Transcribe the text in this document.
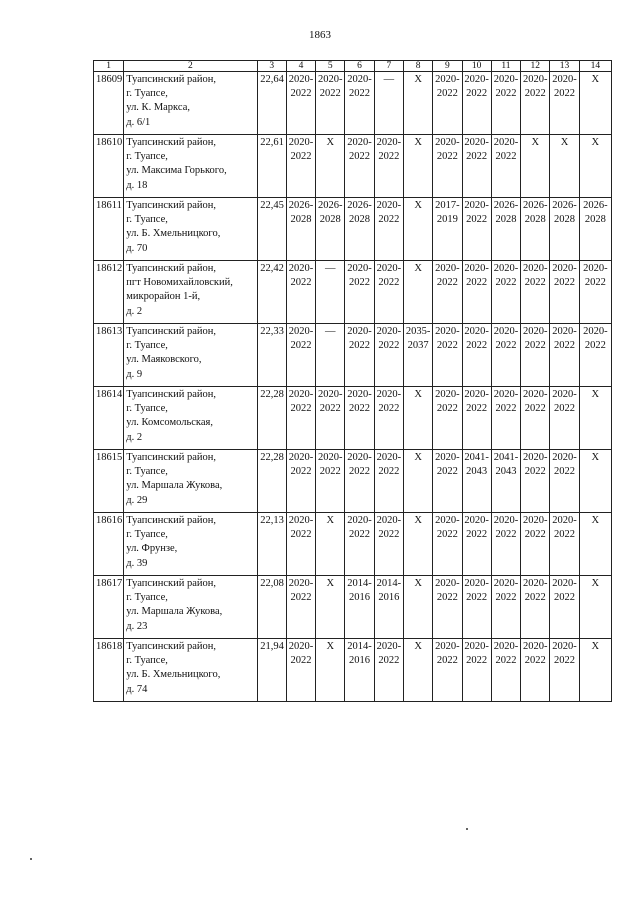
1863
1	2	3	4	5	6	7	8	9	10	11	12	13	14
18609	Туапсинский район,
г. Туапсе,
ул. К. Маркса,
д. 6/1	22,64	2020-
2022	2020-
2022	2020-
2022	—	Х	2020-
2022	2020-
2022	2020-
2022	2020-
2022	2020-
2022	Х

18610	Туапсинский район,
г. Туапсе,
ул. Максима Горького,
д. 18	22,61	2020-
2022	Х	2020-
2022	2020-
2022	Х	2020-
2022	2020-
2022	2020-
2022	Х	Х	Х

18611	Туапсинский район,
г. Туапсе,
ул. Б. Хмельницкого,
д. 70	22,45	2026-
2028	2026-
2028	2026-
2028	2020-
2022	Х	2017-
2019	2020-
2022	2026-
2028	2026-
2028	2026-
2028	2026-
2028

18612	Туапсинский район,
пгт Новомихайловский,
микрорайон 1-й,
д. 2	22,42	2020-
2022	—	2020-
2022	2020-
2022	Х	2020-
2022	2020-
2022	2020-
2022	2020-
2022	2020-
2022	2020-
2022

18613	Туапсинский район,
г. Туапсе,
ул. Маяковского,
д. 9	22,33	2020-
2022	—	2020-
2022	2020-
2022	2035-
2037	2020-
2022	2020-
2022	2020-
2022	2020-
2022	2020-
2022	2020-
2022

18614	Туапсинский район,
г. Туапсе,
ул. Комсомольская,
д. 2	22,28	2020-
2022	2020-
2022	2020-
2022	2020-
2022	Х	2020-
2022	2020-
2022	2020-
2022	2020-
2022	2020-
2022	Х

18615	Туапсинский район,
г. Туапсе,
ул. Маршала Жукова,
д. 29	22,28	2020-
2022	2020-
2022	2020-
2022	2020-
2022	Х	2020-
2022	2041-
2043	2041-
2043	2020-
2022	2020-
2022	Х

18616	Туапсинский район,
г. Туапсе,
ул. Фрунзе,
д. 39	22,13	2020-
2022	Х	2020-
2022	2020-
2022	Х	2020-
2022	2020-
2022	2020-
2022	2020-
2022	2020-
2022	Х

18617	Туапсинский район,
г. Туапсе,
ул. Маршала Жукова,
д. 23	22,08	2020-
2022	Х	2014-
2016	2014-
2016	Х	2020-
2022	2020-
2022	2020-
2022	2020-
2022	2020-
2022	Х

18618	Туапсинский район,
г. Туапсе,
ул. Б. Хмельницкого,
д. 74	21,94	2020-
2022	Х	2014-
2016	2020-
2022	Х	2020-
2022	2020-
2022	2020-
2022	2020-
2022	2020-
2022	Х
